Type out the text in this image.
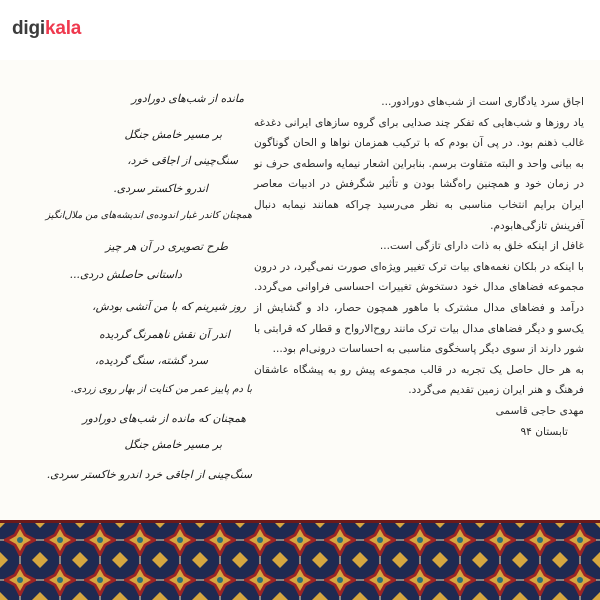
digikala

اجاق سرد یادگاری است از شب‌های دورادور...

یاد روزها و شب‌هایی که تفکر چند صدایی برای گروه سازهای ایرانی دغدغه غالب ذهنم بود. در پی آن بودم که با ترکیب همزمان نواها و الحان گوناگون به بیانی واحد و البته متفاوت برسم. بنابراین اشعار نیمایه واسطه‌ی حرف نو در زمان خود و همچنین راه‌گشا بودن و تأثیر شگرفش در ادبیات معاصر ایران برایم انتخاب مناسبی به نظر می‌رسید چراکه همانند نیمابه دنبال آفرینش تازگی‌هابودم.

غافل از اینکه خلق به ذات دارای تازگی است...

با اینکه در بلکان نغمه‌های بیات ترک تغییر ویژه‌ای صورت نمی‌گیرد، در درون مجموعه فضاهای مدال خود دستخوش تغییرات احساسی فراوانی می‌گردد. درآمد و فضاهای مدال مشترک با ماهور همچون حصار، داد و گشایش از یک‌سو و دیگر فضاهای مدال بیات ترک مانند روح‌الارواح و قطار که قرابتی با شور دارند از سوی دیگر پاسخگوی مناسبی به احساسات درونی‌ام بود...

به هر حال حاصل یک تجربه در قالب مجموعه پیش رو به پیشگاه عاشقان فرهنگ و هنر ایران زمین تقدیم می‌گردد.

مهدی حاجی قاسمی

تابستان ۹۴

مانده از شب‌های دورادور
بر مسیر خامش جنگل
سنگ‌چینی از اجاقی خرد،
اندرو خاکستر سردی.
همچنان کاندر غبار اندوده‌ی اندیشه‌های من ملال‌انگیز
طرح تصویری در آن هر چیز
داستانی حاصلش دردی...
روز شیرینم که با من آتشی بودش،
اندر آن نقش ناهمرنگ گردیده
سرد گشته، سنگ گردیده،
با دم پاییز عمر من کنایت از بهار روی زردی.
همچنان که مانده از شب‌های دورادور
بر مسیر خامش جنگل
سنگ‌چینی از اجاقی خرد اندرو خاکستر سردی.
